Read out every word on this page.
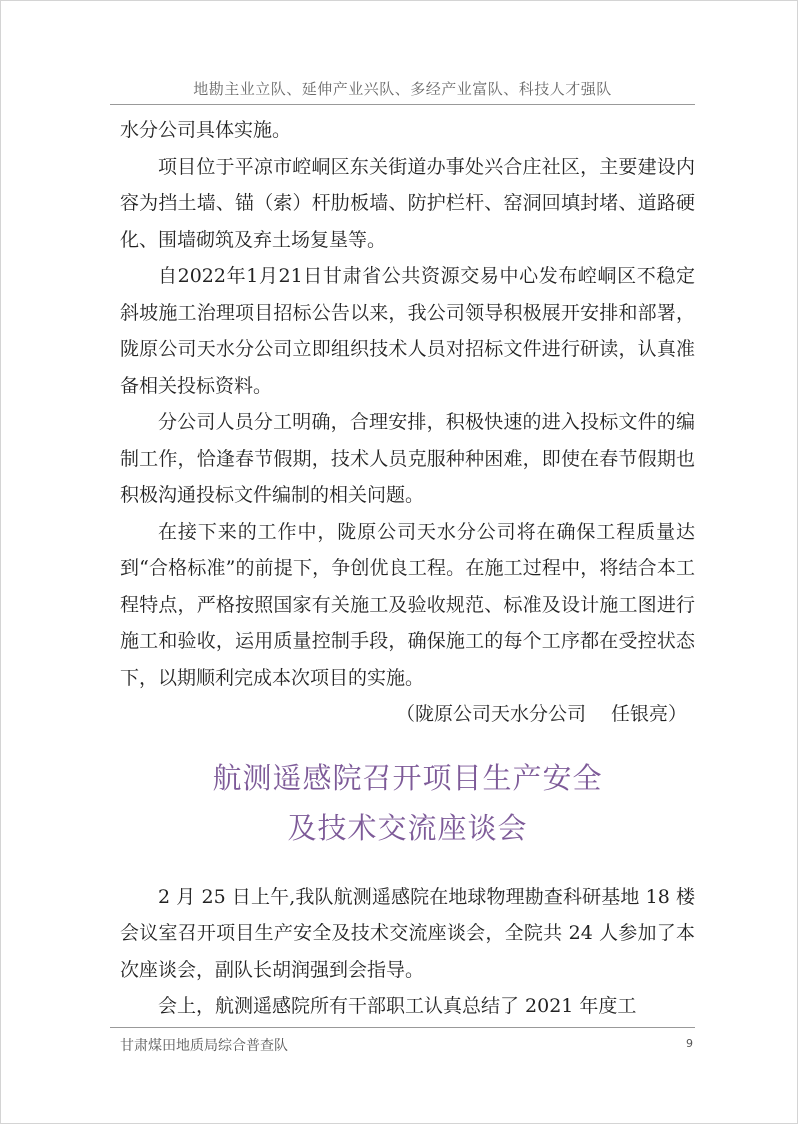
地勘主业立队、延伸产业兴队、多经产业富队、科技人才强队

水分公司具体实施。

项目位于平凉市崆峒区东关街道办事处兴合庄社区，主要建设内容为挡土墙、锚（索）杆肋板墙、防护栏杆、窑洞回填封堵、道路硬化、围墙砌筑及弃土场复垦等。

自2022年1月21日甘肃省公共资源交易中心发布崆峒区不稳定斜坡施工治理项目招标公告以来，我公司领导积极展开安排和部署，陇原公司天水分公司立即组织技术人员对招标文件进行研读，认真准备相关投标资料。

分公司人员分工明确，合理安排，积极快速的进入投标文件的编制工作，恰逢春节假期，技术人员克服种种困难，即使在春节假期也积极沟通投标文件编制的相关问题。

在接下来的工作中，陇原公司天水分公司将在确保工程质量达到“合格标准”的前提下，争创优良工程。在施工过程中，将结合本工程特点，严格按照国家有关施工及验收规范、标准及设计施工图进行施工和验收，运用质量控制手段，确保施工的每个工序都在受控状态下，以期顺利完成本次项目的实施。

（陇原公司天水分公司　 任银亮）

航测遥感院召开项目生产安全
及技术交流座谈会

2 月 25 日上午,我队航测遥感院在地球物理勘查科研基地 18 楼会议室召开项目生产安全及技术交流座谈会，全院共 24 人参加了本次座谈会，副队长胡润强到会指导。

会上，航测遥感院所有干部职工认真总结了 2021 年度工

甘肃煤田地质局综合普查队	9
